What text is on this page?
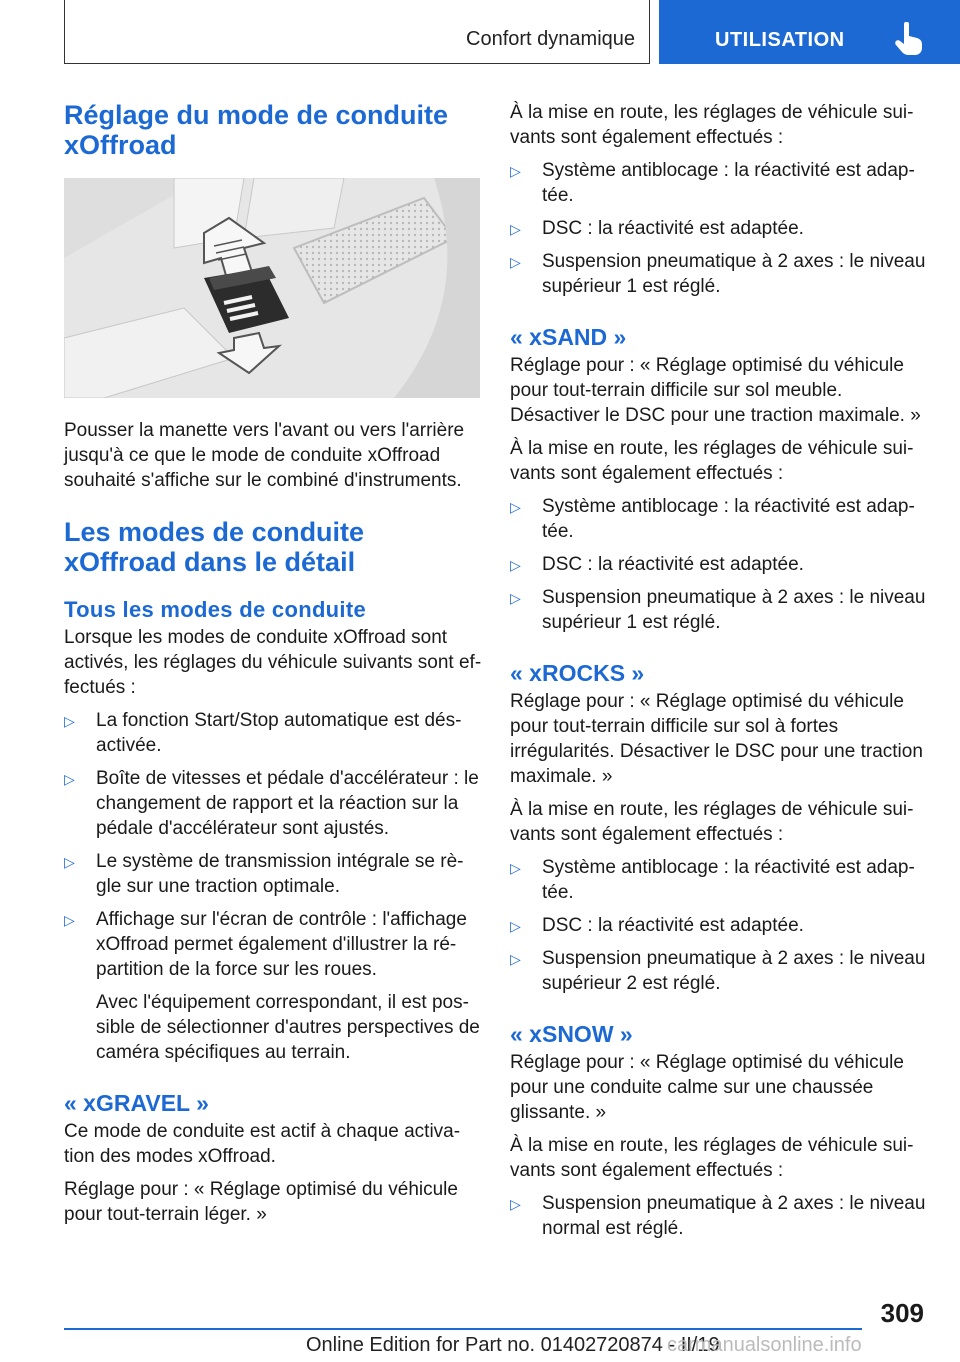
Confort dynamique	UTILISATION
Réglage du mode de conduite xOffroad

Pousser la manette vers l'avant ou vers l'arrière jusqu'à ce que le mode de conduite xOffroad souhaité s'affiche sur le combiné d'instruments.

Les modes de conduite xOffroad dans le détail
Tous les modes de conduite

Lorsque les modes de conduite xOffroad sont activés, les réglages du véhicule suivants sont ef-fectués :

▷ La fonction Start/Stop automatique est dés-activée.
▷ Boîte de vitesses et pédale d'accélérateur : le changement de rapport et la réaction sur la pédale d'accélérateur sont ajustés.
▷ Le système de transmission intégrale se rè-gle sur une traction optimale.
▷ Affichage sur l'écran de contrôle : l'affichage xOffroad permet également d'illustrer la ré-partition de la force sur les roues.

Avec l'équipement correspondant, il est pos-sible de sélectionner d'autres perspectives de caméra spécifiques au terrain.

« xGRAVEL »

Ce mode de conduite est actif à chaque activa-tion des modes xOffroad.

Réglage pour : « Réglage optimisé du véhicule pour tout-terrain léger. »

À la mise en route, les réglages de véhicule sui-vants sont également effectués :

▷ Système antiblocage : la réactivité est adap-tée.
▷ DSC : la réactivité est adaptée.
▷ Suspension pneumatique à 2 axes : le niveau supérieur 1 est réglé.
« xSAND »

Réglage pour : « Réglage optimisé du véhicule pour tout-terrain difficile sur sol meuble. Désactiver le DSC pour une traction maximale. »

À la mise en route, les réglages de véhicule sui-vants sont également effectués :

▷ Système antiblocage : la réactivité est adap-tée.
▷ DSC : la réactivité est adaptée.
▷ Suspension pneumatique à 2 axes : le niveau supérieur 1 est réglé.
« xROCKS »

Réglage pour : « Réglage optimisé du véhicule pour tout-terrain difficile sur sol à fortes irrégularités. Désactiver le DSC pour une traction maximale. »

À la mise en route, les réglages de véhicule sui-vants sont également effectués :

▷ Système antiblocage : la réactivité est adap-tée.
▷ DSC : la réactivité est adaptée.
▷ Suspension pneumatique à 2 axes : le niveau supérieur 2 est réglé.
« xSNOW »

Réglage pour : « Réglage optimisé du véhicule pour une conduite calme sur une chaussée glissante. »

À la mise en route, les réglages de véhicule sui-vants sont également effectués :

▷ Suspension pneumatique à 2 axes : le niveau normal est réglé.
309
Online Edition for Part no. 01402720874 - II/19
carmanualsonline.info
